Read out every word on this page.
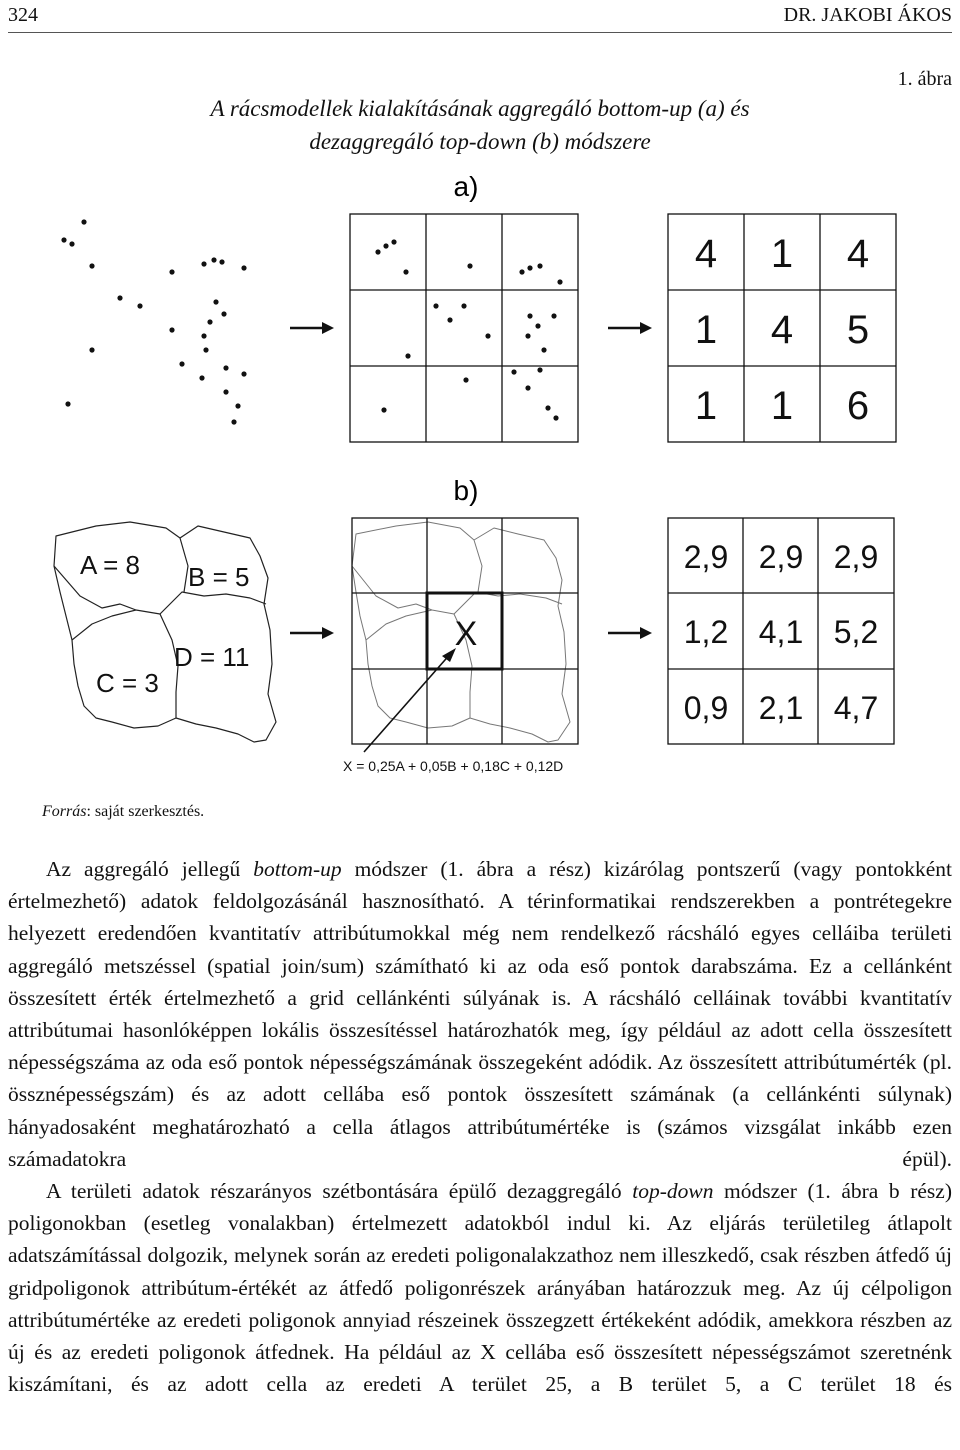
324	DR. JAKOBI ÁKOS
1. ábra
A rácsmodellek kialakításának aggregáló bottom-up (a) és
dezaggregáló top-down (b) módszere
a)
4 1 4
1 4 5
1 1 6
b)
A = 8 B = 5
D = 11
C = 3
X
X = 0,25A + 0,05B + 0,18C + 0,12D
2,9 2,9 2,9
1,2 4,1 5,2
0,9 2,1 4,7
Forrás: saját szerkesztés.

Az aggregáló jellegű bottom-up módszer (1. ábra a rész) kizárólag pontszerű (vagy pontokként értelmezhető) adatok feldolgozásánál hasznosítható. A térinformatikai rendszerekben a pontrétegekre helyezett eredendően kvantitatív attribútumokkal még nem rendelkező rácsháló egyes celláiba területi aggregáló metszéssel (spatial join/sum) számítható ki az oda eső pontok darabszáma. Ez a cellánként összesített érték értelmezhető a grid cellánkénti súlyának is. A rácsháló celláinak további kvantitatív attribútumai hasonlóképpen lokális összesítéssel határozhatók meg, így például az adott cella összesített népességszáma az oda eső pontok népességszámának összegeként adódik. Az összesített attribútumérték (pl. össznépességszám) és az adott cellába eső pontok összesített számának (a cellánkénti súlynak) hányadosaként meghatározható a cella átlagos attribútumértéke is (számos vizsgálat inkább ezen számadatokra épül).

A területi adatok részarányos szétbontására épülő dezaggregáló top-down módszer (1. ábra b rész) poligonokban (esetleg vonalakban) értelmezett adatokból indul ki. Az eljárás területileg átlapolt adatszámítással dolgozik, melynek során az eredeti poligonalakzathoz nem illeszkedő, csak részben átfedő új gridpoligonok attribútum-értékét az átfedő poligonrészek arányában határozzuk meg. Az új célpoligon attribútumértéke az eredeti poligonok annyiad részeinek összegzett értékeként adódik, amekkora részben az új és az eredeti poligonok átfednek. Ha például az X cellába eső összesített népességszámot szeretnénk kiszámítani, és az adott cella az eredeti A terület 25, a B terület 5, a C terület 18 és
